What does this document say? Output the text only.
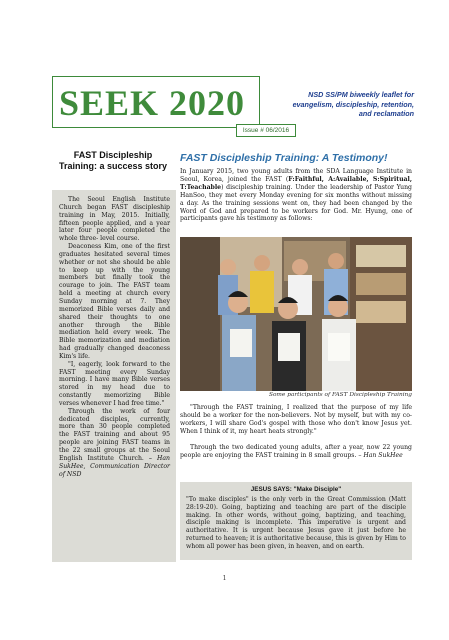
SEEK 2020
Issue # 06/2016
NSD SS/PM biweekly leaflet for evangelism, discipleship, retention, and reclamation
FAST Discipleship Training: a success story

The Seoul English Institute Church began FAST discipleship training in May, 2015. Initially, fifteen people applied, and a year later four people completed the whole three- level course.

Deaconess Kim, one of the first graduates hesitated several times whether or not she should be able to keep up with the young members but finally took the courage to join. The FAST team held a meeting at church every Sunday morning at 7. They memorized Bible verses daily and shared their thoughts to one another through the Bible mediation held every week. The Bible memorization and mediation had gradually changed deaconess Kim's life.

"I, eagerly, look forward to the FAST meeting every Sunday morning. I have many Bible verses stored in my head due to constantly memorizing Bible verses whenever I had free time."

Through the work of four dedicated disciples, currently, more than 30 people completed the FAST training and about 95 people are joining FAST teams in the 22 small groups at the Seoul English Institute Church. – Han SukHee, Communication Director of NSD

FAST Discipleship Training: A Testimony!

In January 2015, two young adults from the SDA Language Institute in Seoul, Korea, joined the FAST (F:Faithful, A:Available, S:Spiritual, T:Teachable) discipleship training. Under the leadership of Pastor Yung HanSoo, they met every Monday evening for six months without missing a day. As the training sessions went on, they had been changed by the Word of God and prepared to be workers for God. Mr. Hyung, one of participants gave his testimony as follows:

Some participants of FAST Discipleship Training

"Through the FAST training, I realized that the purpose of my life should be a worker for the non-believers. Not by myself, but with my co-workers, I will share God's gospel with those who don't know Jesus yet. When I think of it, my heart heats strongly."

Through the two dedicated young adults, after a year, now 22 young people are enjoying the FAST training in 8 small groups. – Han SukHee

JESUS SAYS: "Make Disciple"

"To make disciples" is the only verb in the Great Commission (Matt 28:19-20). Going, baptizing and teaching are part of the disciple making. In other words, without going, baptizing, and teaching, disciple making is incomplete. This imperative is urgent and authoritative. It is urgent because Jesus gave it just before he returned to heaven; it is authoritative because, this is given by Him to whom all power has been given, in heaven, and on earth.

1
